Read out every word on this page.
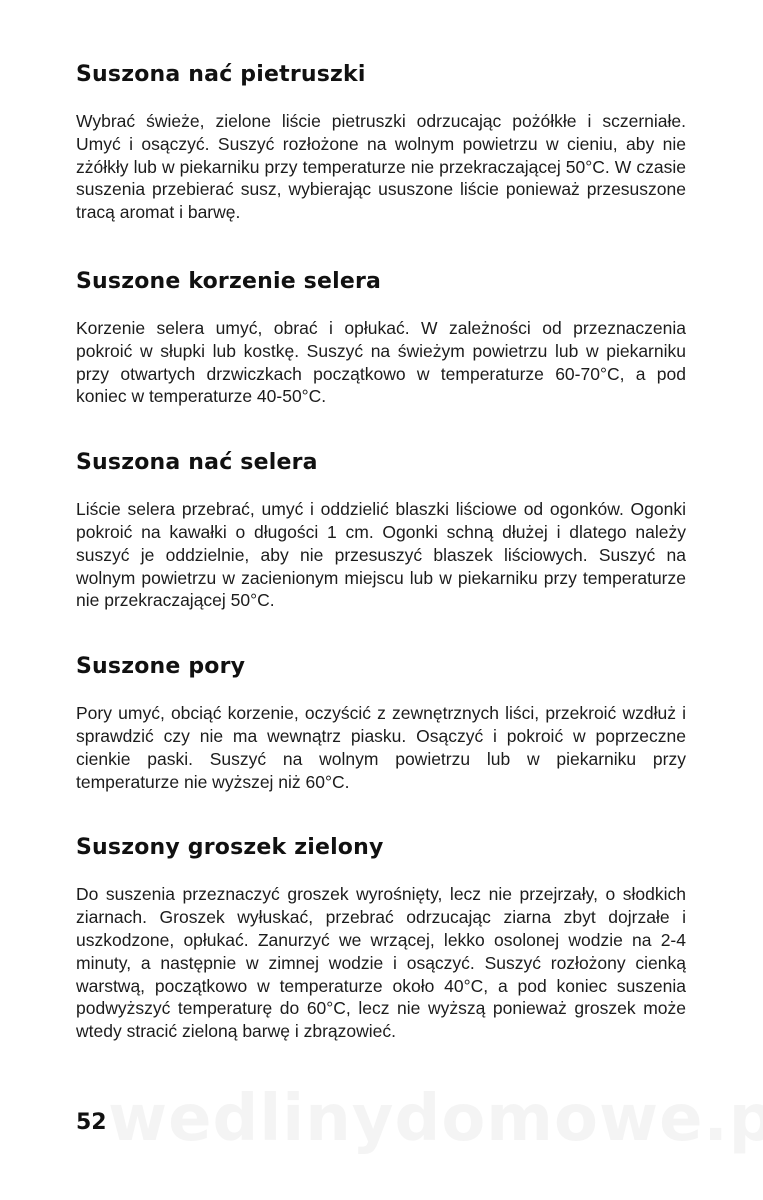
Suszona nać pietruszki

Wybrać świeże, zielone liście pietruszki odrzucając pożółkłe i sczerniałe. Umyć i osączyć. Suszyć rozłożone na wolnym powietrzu w cieniu, aby nie zżółkły lub w piekarniku przy temperaturze nie przekraczającej 50°C. W czasie suszenia przebierać susz, wybierając ususzone liście ponieważ przesuszone tracą aromat i barwę.

Suszone korzenie selera

Korzenie selera umyć, obrać i opłukać. W zależności od przeznaczenia pokroić w słupki lub kostkę. Suszyć na świeżym powietrzu lub w piekarniku przy otwartych drzwiczkach początkowo w temperaturze 60-70°C, a pod koniec w temperaturze 40-50°C.

Suszona nać selera

Liście selera przebrać, umyć i oddzielić blaszki liściowe od ogonków. Ogonki pokroić na kawałki o długości 1 cm. Ogonki schną dłużej i dlatego należy suszyć je oddzielnie, aby nie przesuszyć blaszek liściowych. Suszyć na wolnym powietrzu w zacienionym miejscu lub w piekarniku przy temperaturze nie przekraczającej 50°C.

Suszone pory

Pory umyć, obciąć korzenie, oczyścić z zewnętrznych liści, przekroić wzdłuż i sprawdzić czy nie ma wewnątrz piasku. Osączyć i pokroić w poprzeczne cienkie paski. Suszyć na wolnym powietrzu lub w piekarniku przy temperaturze nie wyższej niż 60°C.

Suszony groszek zielony

Do suszenia przeznaczyć groszek wyrośnięty, lecz nie przejrzały, o słodkich ziarnach. Groszek wyłuskać, przebrać odrzucając ziarna zbyt dojrzałe i uszkodzone, opłukać. Zanurzyć we wrzącej, lekko osolonej wodzie na 2-4 minuty, a następnie w zimnej wodzie i osączyć. Suszyć rozłożony cienką warstwą, początkowo w temperaturze około 40°C, a pod koniec suszenia podwyższyć temperaturę do 60°C, lecz nie wyższą ponieważ groszek może wtedy stracić zieloną barwę i zbrązowieć.

52
